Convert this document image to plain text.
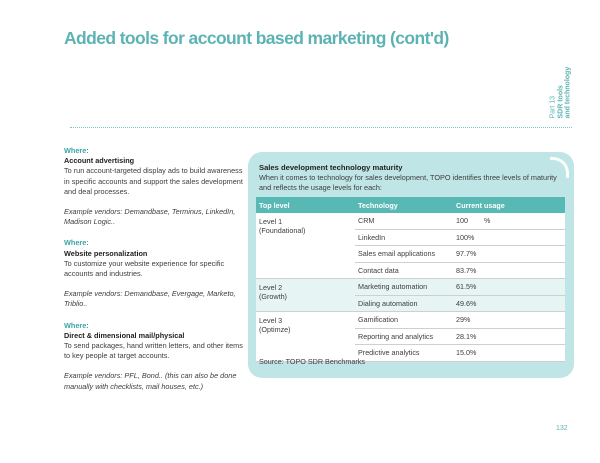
Added tools for account based marketing (cont'd)
Part 13 SDR tools and technology
Where:
Account advertising
To run account-targeted display ads to build awareness in specific accounts and support the sales development and deal processes.
Example vendors: Demandbase, Terminus, LinkedIn, Madison Logic..
Where:
Website personalization
To customize your website experience for specific accounts and industries.
Example vendors: Demandbase, Evergage, Marketo, Triblio..
Where:
Direct & dimensional mail/physical
To send packages, hand written letters, and other items to key people at target accounts.
Example vendors: PFL, Bond.. (this can also be done manually with checklists, mail houses, etc.)
Sales development technology maturity
When it comes to technology for sales development, TOPO identifies three levels of maturity and reflects the usage levels for each:
Top level	Technology	Current usage

Level 1
(Foundational)	CRM	100        %
	LinkedIn	100%
	Sales email applications	97.7%
	Contact data	83.7%

Level 2
(Growth)	Marketing automation	61.5%
	Dialing automation	49.6%

Level 3
(Optimze)	Gamification	29%
	Reporting and analytics	28.1%
	Predictive analytics	15.0%
Source: TOPO SDR Benchmarks
132
